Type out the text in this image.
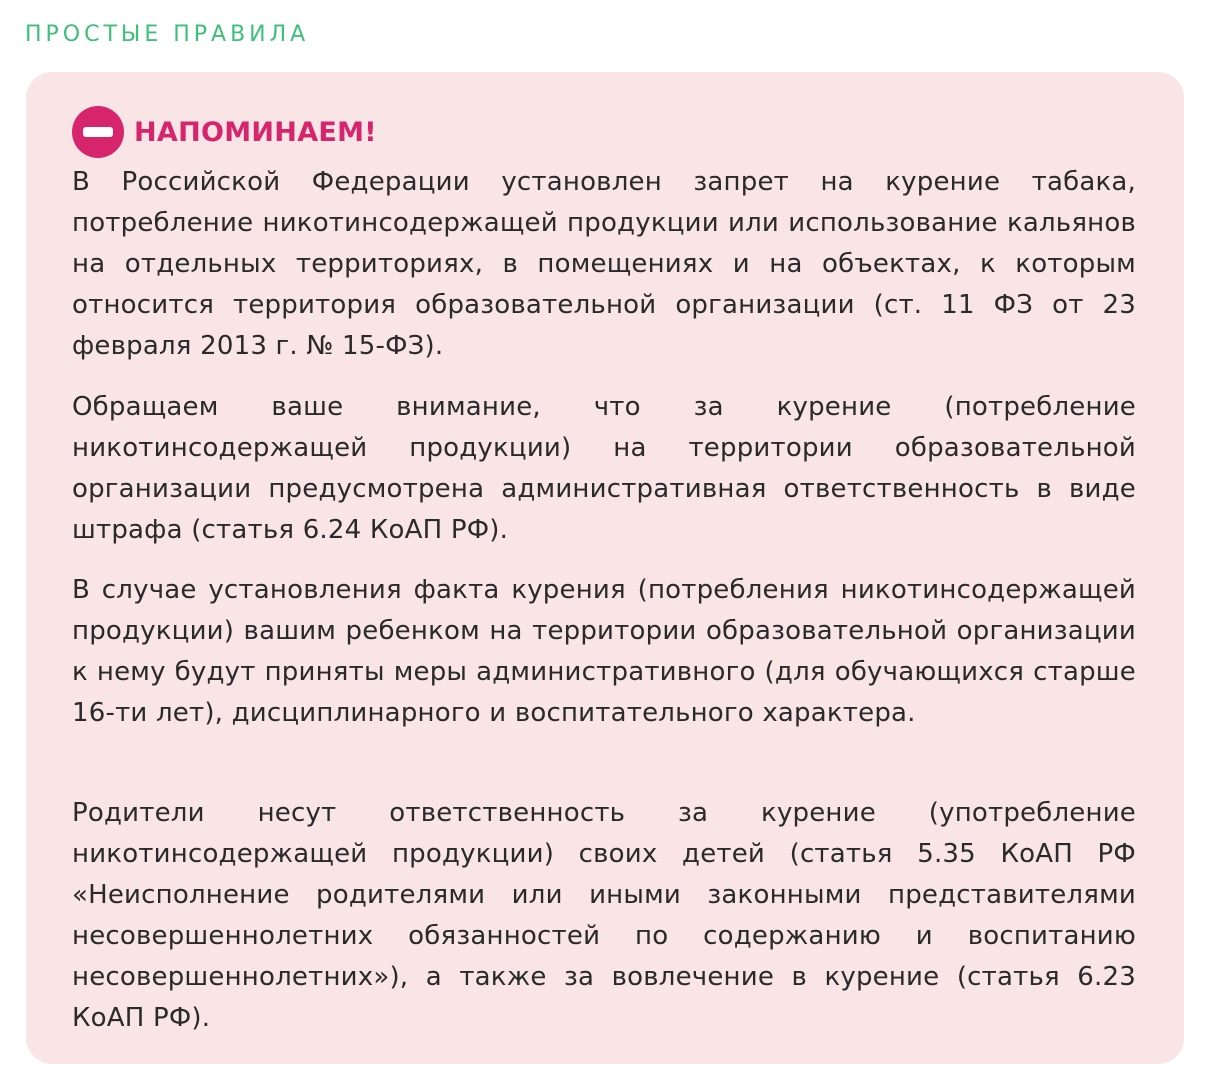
ПРОСТЫЕ ПРАВИЛА
НАПОМИНАЕМ!

В Российской Федерации установлен запрет на курение табака, потребление никотинсодержащей продукции или использование кальянов на отдельных территориях, в помещениях и на объектах, к которым относится территория образовательной организации (ст. 11 ФЗ от 23 февраля 2013 г. № 15-ФЗ).

Обращаем ваше внимание, что за курение (потребление никотинсодержащей продукции) на территории образовательной организации предусмотрена административная ответственность в виде штрафа (статья 6.24 КоАП РФ).

В случае установления факта курения (потребления никотинсодержащей продукции) вашим ребенком на территории образовательной организации к нему будут приняты меры административного (для обучающихся старше 16-ти лет), дисциплинарного и воспитательного характера.

Родители несут ответственность за курение (употребление никотинсодержащей продукции) своих детей (статья 5.35 КоАП РФ «Неисполнение родителями или иными законными представителями несовершеннолетних обязанностей по содержанию и воспитанию несовершеннолетних»), а также за вовлечение в курение (статья 6.23 КоАП РФ).
